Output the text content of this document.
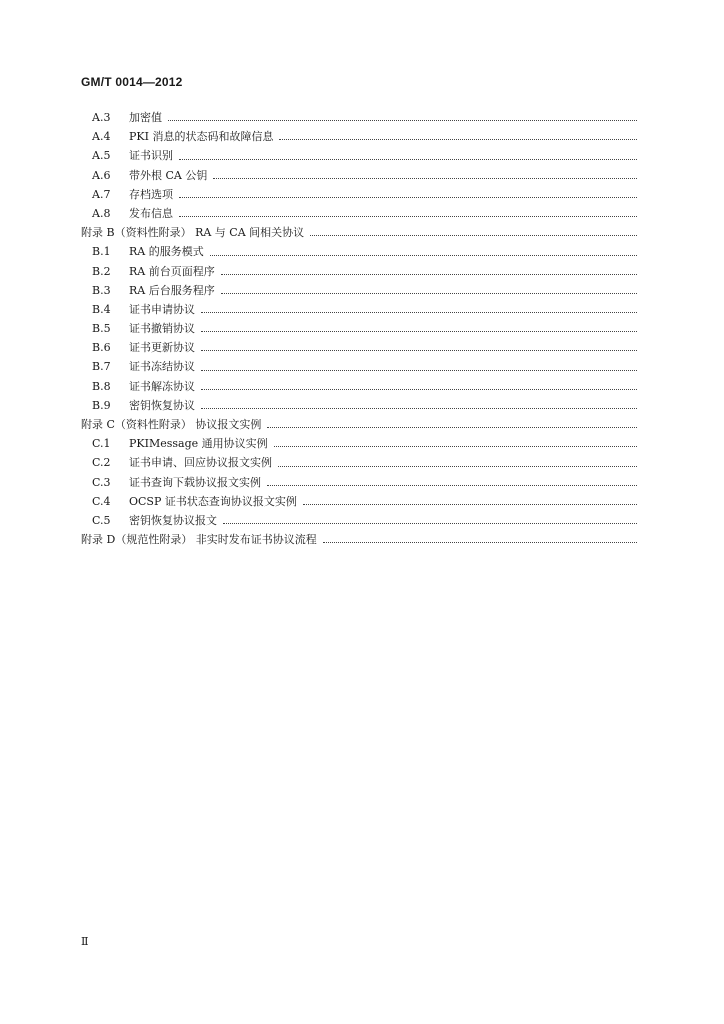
GM/T 0014—2012
A.3	加密值
A.4	PKI 消息的状态码和故障信息
A.5	证书识别
A.6	带外根 CA 公钥
A.7	存档选项
A.8	发布信息
附录 B（资料性附录） RA 与 CA 间相关协议
B.1	RA 的服务模式
B.2	RA 前台页面程序
B.3	RA 后台服务程序
B.4	证书申请协议
B.5	证书撤销协议
B.6	证书更新协议
B.7	证书冻结协议
B.8	证书解冻协议
B.9	密钥恢复协议
附录 C（资料性附录） 协议报文实例
C.1	PKIMessage 通用协议实例
C.2	证书申请、回应协议报文实例
C.3	证书查询下载协议报文实例
C.4	OCSP 证书状态查询协议报文实例
C.5	密钥恢复协议报文
附录 D（规范性附录） 非实时发布证书协议流程
Ⅱ
